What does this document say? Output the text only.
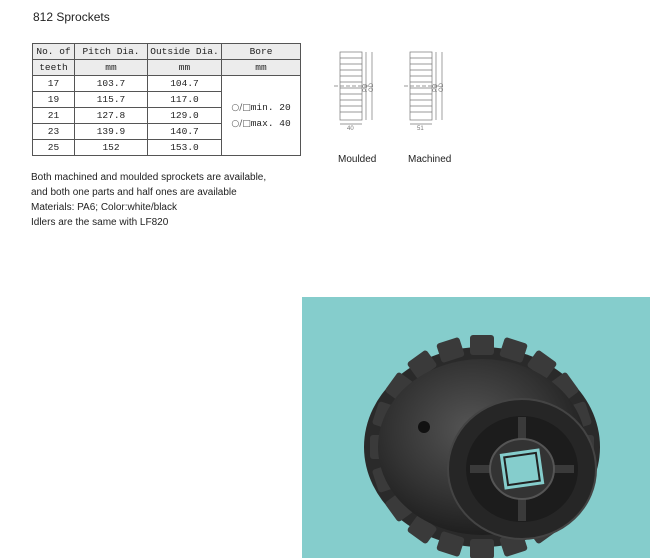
812 Sprockets
No. of	Pitch Dia.	Outside Dia.	Bore
teeth	mm	mm	mm
17	103.7	104.7	○/□min. 20
○/□max. 40

19	115.7	117.0	
21	127.8	129.0	
23	139.9	140.7	
25	152	153.0	
Both machined and moulded sprockets are available,
and both one parts and half ones are available
Materials: PA6; Color:white/black
Idlers are the same with LF820
PD OD
40
PD OD
51
Moulded	Machined
